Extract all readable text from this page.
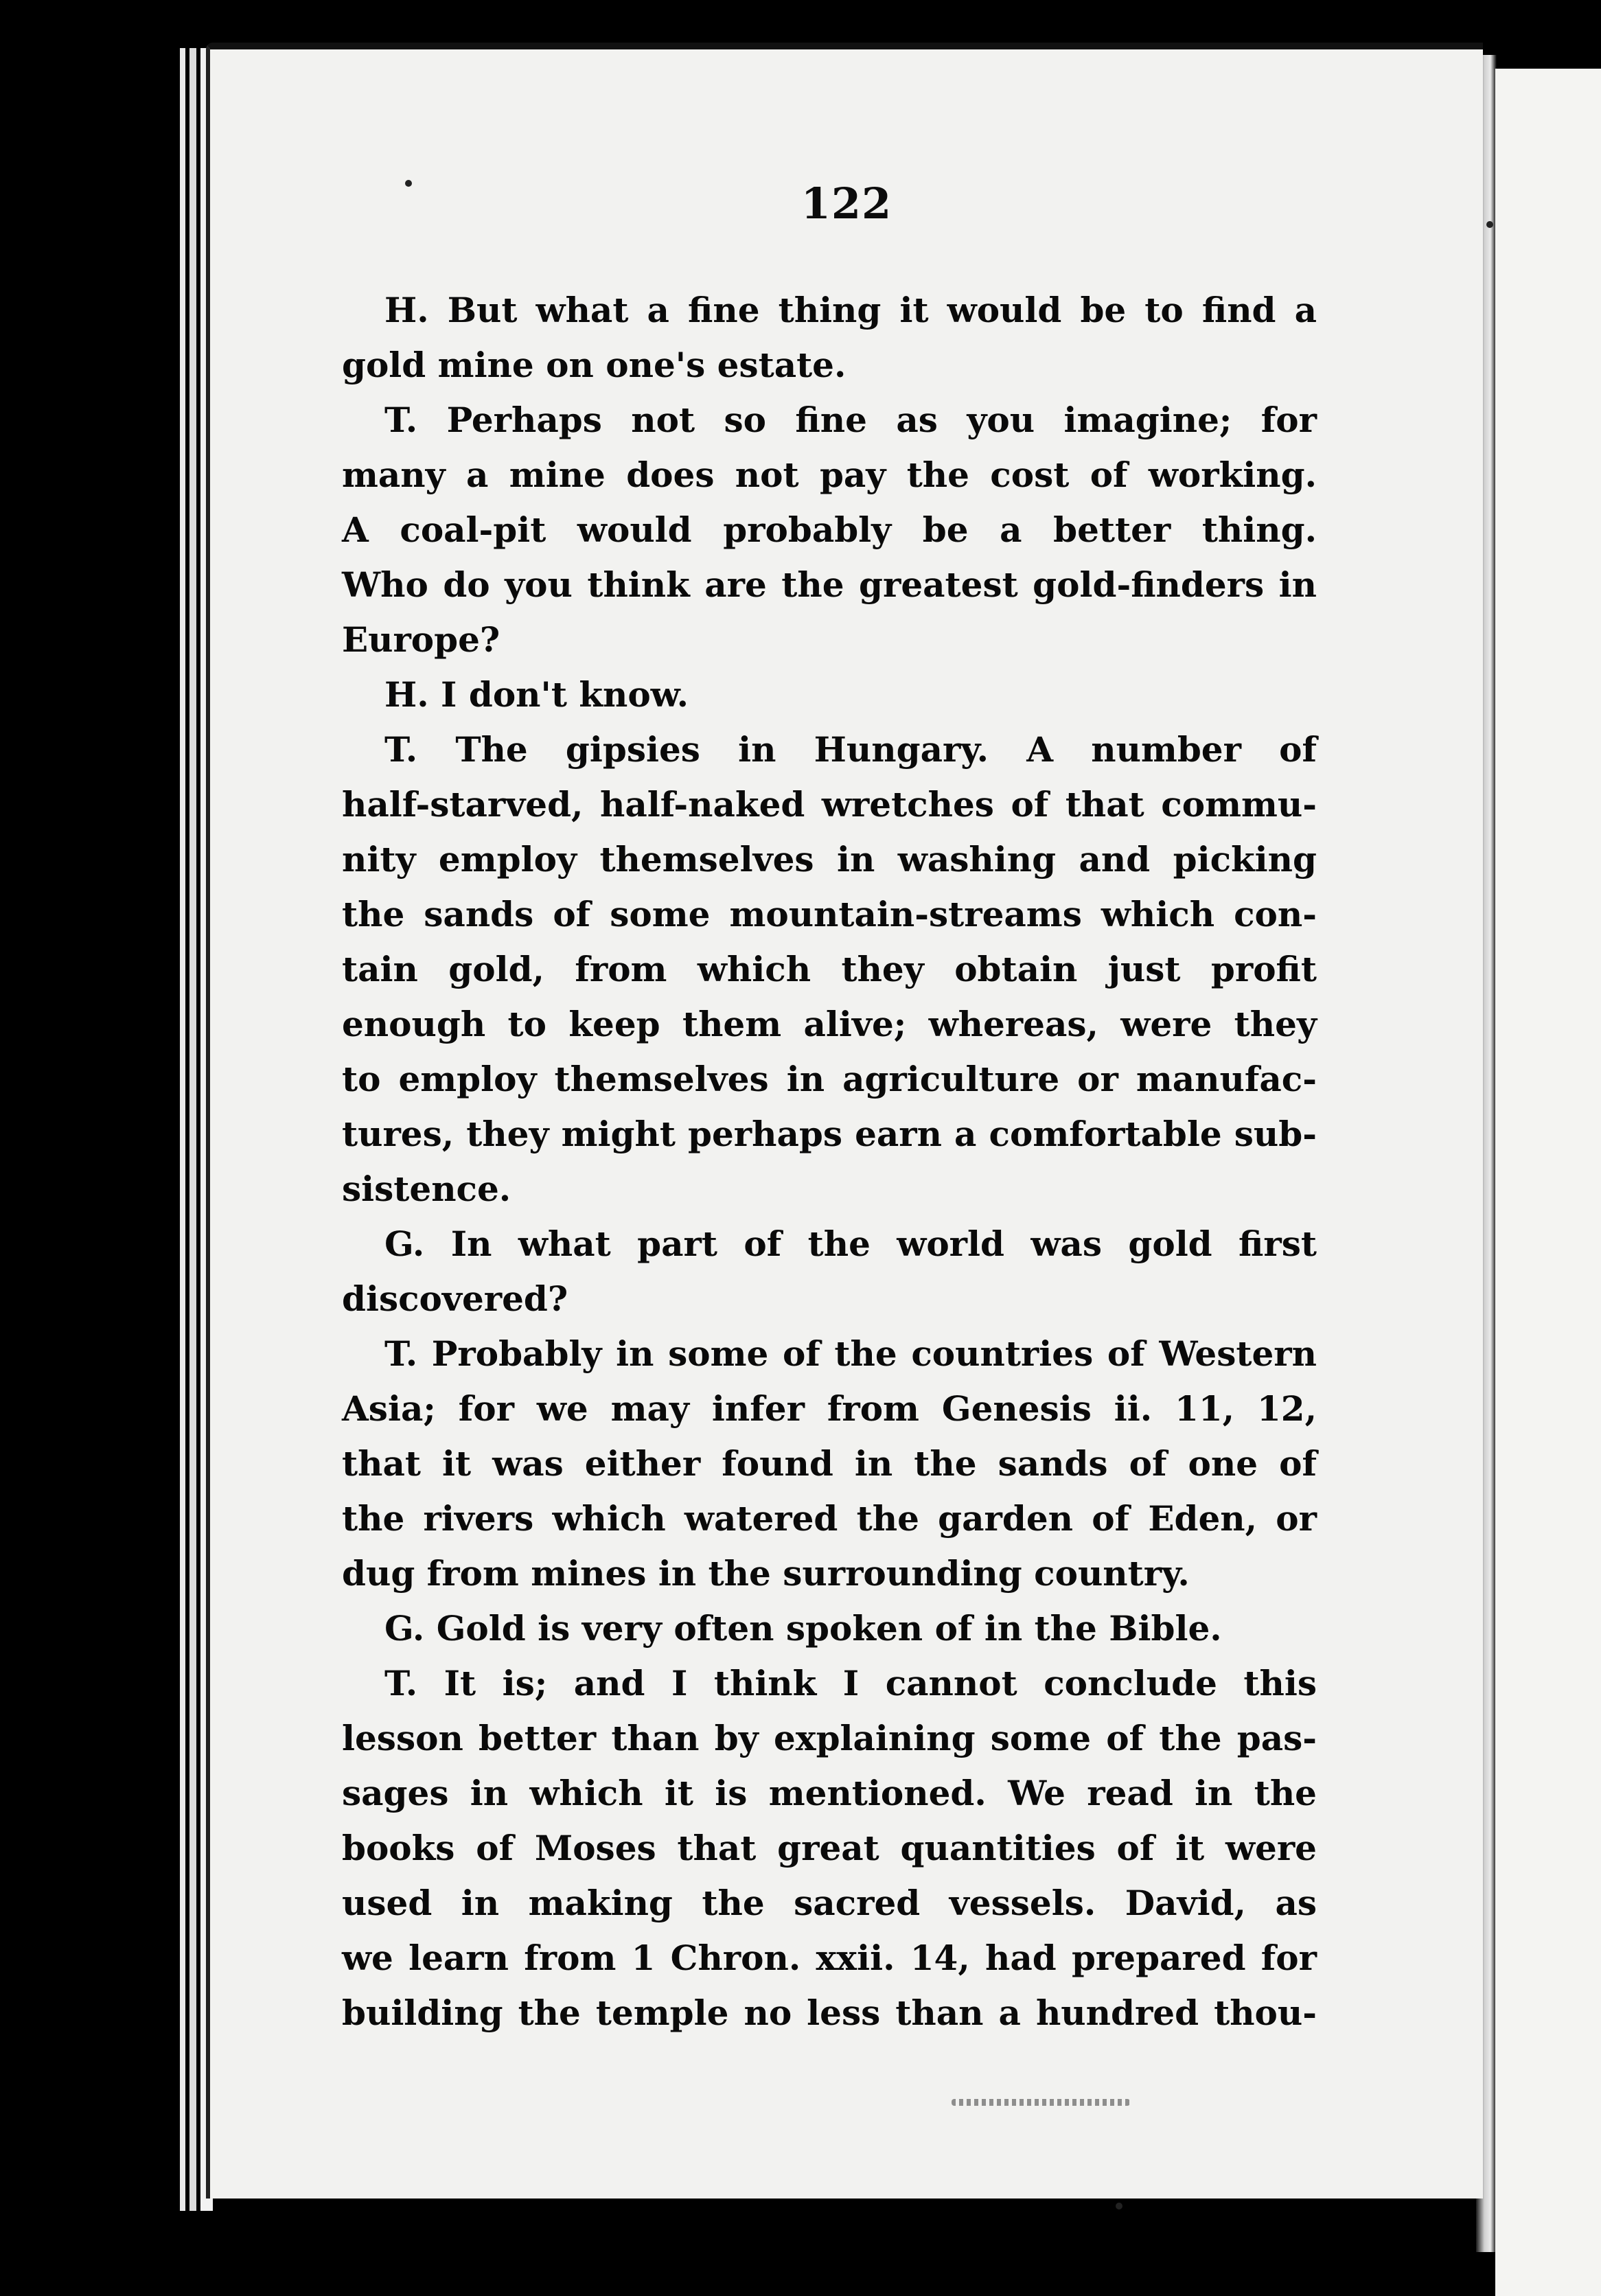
122
H. But what a fine thing it would be to find a
gold mine on one's estate.
T. Perhaps not so fine as you imagine; for
many a mine does not pay the cost of working.
A coal-pit would probably be a better thing.
Who do you think are the greatest gold-finders in
Europe?
H. I don't know.
T. The gipsies in Hungary. A number of
half-starved, half-naked wretches of that commu-
nity employ themselves in washing and picking
the sands of some mountain-streams which con-
tain gold, from which they obtain just profit
enough to keep them alive; whereas, were they
to employ themselves in agriculture or manufac-
tures, they might perhaps earn a comfortable sub-
sistence.
G. In what part of the world was gold first
discovered?
T. Probably in some of the countries of Western
Asia; for we may infer from Genesis ii. 11, 12,
that it was either found in the sands of one of
the rivers which watered the garden of Eden, or
dug from mines in the surrounding country.
G. Gold is very often spoken of in the Bible.
T. It is; and I think I cannot conclude this
lesson better than by explaining some of the pas-
sages in which it is mentioned. We read in the
books of Moses that great quantities of it were
used in making the sacred vessels. David, as
we learn from 1 Chron. xxii. 14, had prepared for
building the temple no less than a hundred thou-
